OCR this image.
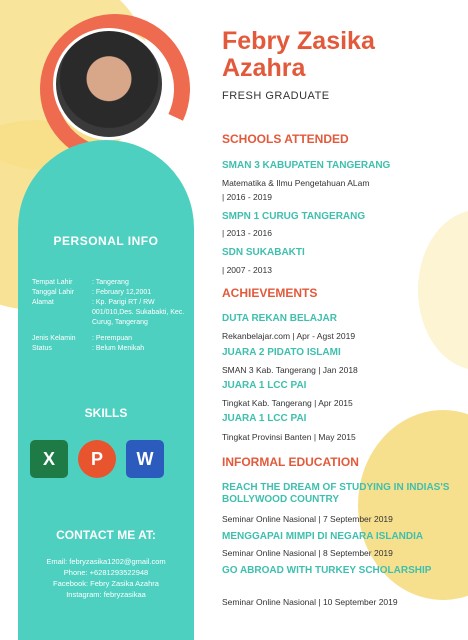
PERSONAL INFO
Tempat Lahir	: Tangerang
Tanggal Lahir	: February 12,2001
Alamat	: Kp. Parigi RT / RW 001/010,Des. Sukabakti, Kec. Curug, Tangerang
Jenis Kelamin	: Perempuan
Status	: Belum Menikah
SKILLS
X	P	W
CONTACT ME AT:
Email: febryzasika1202@gmail.com
Phone: +6281293522948
Facebook: Febry Zasika Azahra
Instagram: febryzasikaa
Febry Zasika Azahra
FRESH GRADUATE
SCHOOLS ATTENDED
SMAN 3 KABUPATEN TANGERANG
Matematika & Ilmu Pengetahuan ALam
| 2016 - 2019
SMPN 1 CURUG TANGERANG
| 2013 - 2016
SDN SUKABAKTI
| 2007 - 2013
ACHIEVEMENTS
DUTA REKAN BELAJAR
Rekanbelajar.com | Apr - Agst 2019
JUARA 2 PIDATO ISLAMI
SMAN 3 Kab. Tangerang | Jan 2018
JUARA 1 LCC PAI
Tingkat Kab. Tangerang | Apr 2015
JUARA 1 LCC PAI
Tingkat Provinsi Banten | May 2015
INFORMAL EDUCATION
REACH THE DREAM OF STUDYING IN INDIAS'S BOLLYWOOD COUNTRY
Seminar Online Nasional | 7 September 2019
MENGGAPAI MIMPI DI NEGARA ISLANDIA
Seminar Online Nasional | 8 September 2019
GO ABROAD WITH TURKEY SCHOLARSHIP
Seminar Online Nasional | 10 September 2019
